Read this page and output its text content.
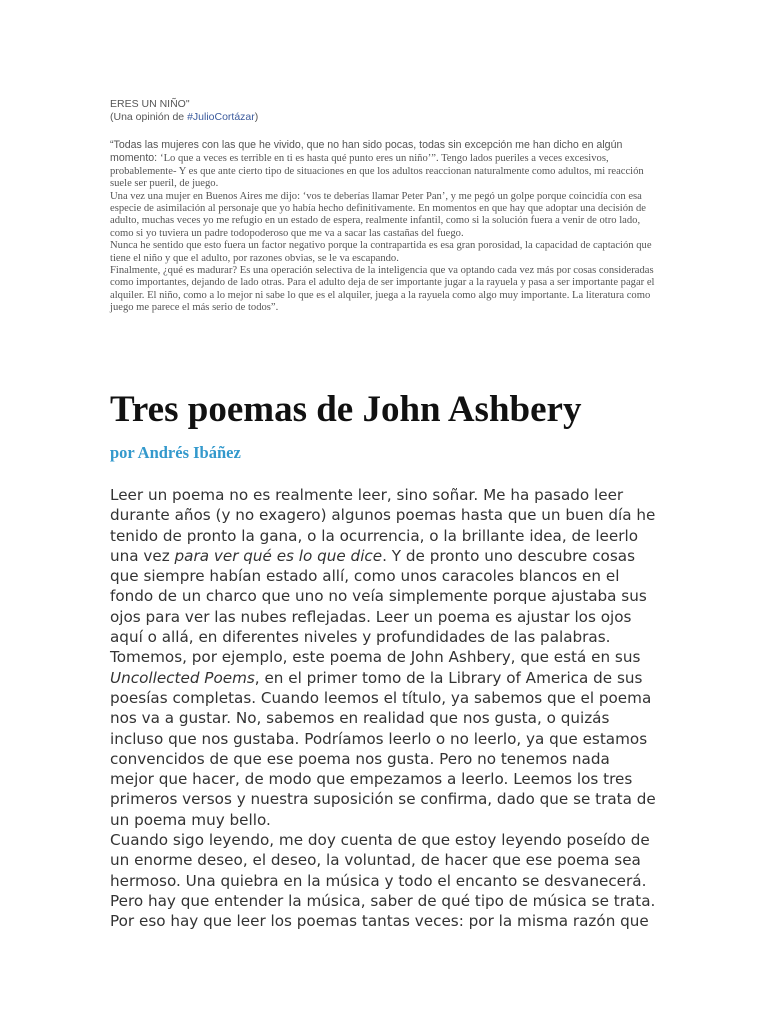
ERES UN NIÑO"
(Una opinión de #JulioCortázar)

“Todas las mujeres con las que he vivido, que no han sido pocas, todas sin excepción me han dicho en algún momento: ‘Lo que a veces es terrible en ti es hasta qué punto eres un niño’”. Tengo lados pueriles a veces excesivos, probablemente- Y es que ante cierto tipo de situaciones en que los adultos reaccionan naturalmente como adultos, mi reacción suele ser pueril, de juego.

Una vez una mujer en Buenos Aires me dijo: ‘vos te deberías llamar Peter Pan’, y me pegó un golpe porque coincidía con esa especie de asimilación al personaje que yo había hecho definitivamente. En momentos en que hay que adoptar una decisión de adulto, muchas veces yo me refugio en un estado de espera, realmente infantil, como si la solución fuera a venir de otro lado, como si yo tuviera un padre todopoderoso que me va a sacar las castañas del fuego.

Nunca he sentido que esto fuera un factor negativo porque la contrapartida es esa gran porosidad, la capacidad de captación que tiene el niño y que el adulto, por razones obvias, se le va escapando.

Finalmente, ¿qué es madurar? Es una operación selectiva de la inteligencia que va optando cada vez más por cosas consideradas como importantes, dejando de lado otras. Para el adulto deja de ser importante jugar a la rayuela y pasa a ser importante pagar el alquiler. El niño, como a lo mejor ni sabe lo que es el alquiler, juega a la rayuela como algo muy importante. La literatura como juego me parece el más serio de todos”.

Tres poemas de John Ashbery
por Andrés Ibáñez

Leer un poema no es realmente leer, sino soñar. Me ha pasado leer durante años (y no exagero) algunos poemas hasta que un buen día he tenido de pronto la gana, o la ocurrencia, o la brillante idea, de leerlo una vez para ver qué es lo que dice. Y de pronto uno descubre cosas que siempre habían estado allí, como unos caracoles blancos en el fondo de un charco que uno no veía simplemente porque ajustaba sus ojos para ver las nubes reflejadas. Leer un poema es ajustar los ojos aquí o allá, en diferentes niveles y profundidades de las palabras. Tomemos, por ejemplo, este poema de John Ashbery, que está en sus Uncollected Poems, en el primer tomo de la Library of America de sus poesías completas. Cuando leemos el título, ya sabemos que el poema nos va a gustar. No, sabemos en realidad que nos gusta, o quizás incluso que nos gustaba. Podríamos leerlo o no leerlo, ya que estamos convencidos de que ese poema nos gusta. Pero no tenemos nada mejor que hacer, de modo que empezamos a leerlo. Leemos los tres primeros versos y nuestra suposición se confirma, dado que se trata de un poema muy bello.

Cuando sigo leyendo, me doy cuenta de que estoy leyendo poseído de un enorme deseo, el deseo, la voluntad, de hacer que ese poema sea hermoso. Una quiebra en la música y todo el encanto se desvanecerá. Pero hay que entender la música, saber de qué tipo de música se trata. Por eso hay que leer los poemas tantas veces: por la misma razón que
